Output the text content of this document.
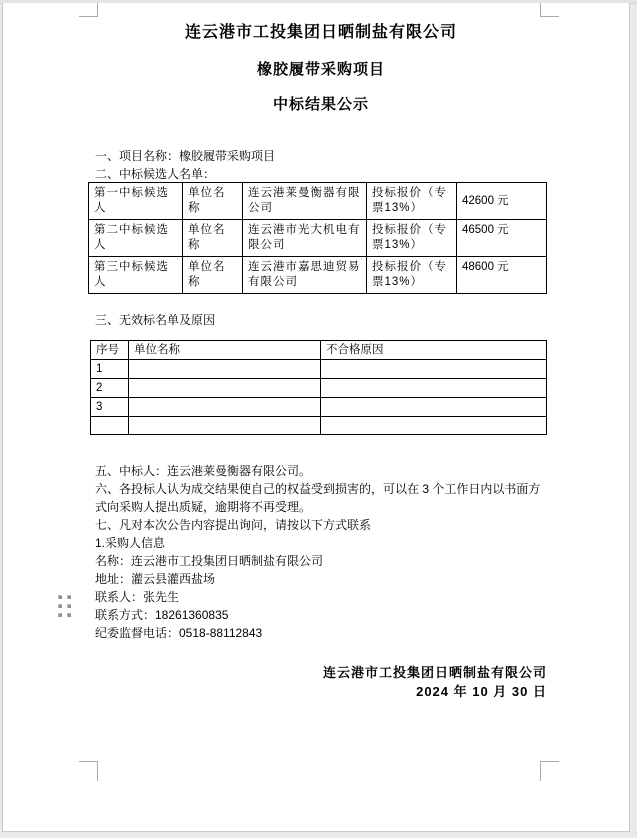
连云港市工投集团日晒制盐有限公司

橡胶履带采购项目

中标结果公示

一、项目名称：橡胶履带采购项目

二、中标候选人名单：

第一中标候选人	单位名称	连云港莱曼衡器有限公司	投标报价（专票13%）	42600 元
第二中标候选人	单位名称	连云港市光大机电有限公司	投标报价（专票13%）	46500 元
第三中标候选人	单位名称	连云港市嘉思迪贸易有限公司	投标报价（专票13%）	48600 元

三、无效标名单及原因

序号	单位名称	不合格原因
1		
2		
3		

五、中标人：连云港莱曼衡器有限公司。

六、各投标人认为成交结果使自己的权益受到损害的，可以在 3 个工作日内以书面方式向采购人提出质疑，逾期将不再受理。

七、凡对本次公告内容提出询问，请按以下方式联系

1.采购人信息

名称：连云港市工投集团日晒制盐有限公司

地址：灌云县灌西盐场

联系人：张先生

联系方式：18261360835

纪委监督电话：0518-88112843

连云港市工投集团日晒制盐有限公司
2024 年 10 月 30 日
